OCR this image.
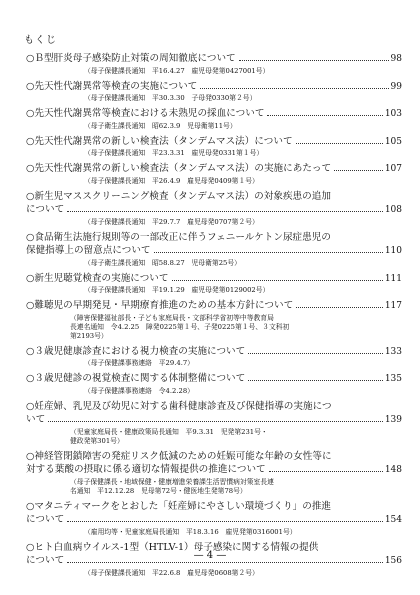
もくじ
○Ｂ型肝炎母子感染防止対策の周知徹底について	98
（母子保健課長通知　平16.4.27　雇児母発第0427001号）
○先天性代謝異常等検査の実施について	99
（母子保健課長通知　平30.3.30　子母発0330第２号）
○先天性代謝異常等検査における未熟児の採血について	103
（母子衛生課長通知　昭62.3.9　児母衛第11号）
○先天性代謝異常の新しい検査法（タンデムマス法）について	105
（母子保健課長通知　平23.3.31　雇児母発0331第１号）
○先天性代謝異常の新しい検査法（タンデムマス法）の実施にあたって	107
（母子保健課長通知　平26.4.9　雇児母発0409第１号）
○新生児マススクリーニング検査（タンデムマス法）の対象疾患の追加
について	108
（母子保健課長通知　平29.7.7　雇児母発0707第２号）
○食品衛生法施行規則等の一部改正に伴うフェニールケトン尿症患児の
保健指導上の留意点について	110
（母子衛生課長通知　昭58.8.27　児母衛第25号）
○新生児聴覚検査の実施について	111
（母子保健課長通知　平19.1.29　雇児母発第0129002号）
○難聴児の早期発見・早期療育推進のための基本方針について	117
（障害保健福祉部長・子ども家庭局長・文部科学省初等中等教育局
長連名通知　令4.2.25　障発0225第１号、子発0225第１号、３文科初
第2193号）
○３歳児健康診査における視力検査の実施について	133
（母子保健課事務連絡　平29.4.7）
○３歳児健診の視覚検査に関する体制整備について	135
（母子保健課事務連絡　令4.2.28）
○妊産婦、乳児及び幼児に対する歯科健康診査及び保健指導の実施につ
いて	139
（児童家庭局長・健康政策局長通知　平9.3.31　児発第231号・
健政発第301号）
○神経管閉鎖障害の発症リスク低減のための妊娠可能な年齢の女性等に
対する葉酸の摂取に係る適切な情報提供の推進について	148
（母子保健課長・地域保健・健康増進栄養課生活習慣病対策室長連
名通知　平12.12.28　児母第72号・健医地生発第78号）
○マタニティマークをとおした「妊産婦にやさしい環境づくり」の推進
について	154
（雇用均等・児童家庭局長通知　平18.3.16　雇児発第0316001号）
○ヒト白血病ウイルス-1型（HTLV-1）母子感染に関する情報の提供
について	156
（母子保健課長通知　平22.6.8　雇児母発0608第２号）
— 4 —
